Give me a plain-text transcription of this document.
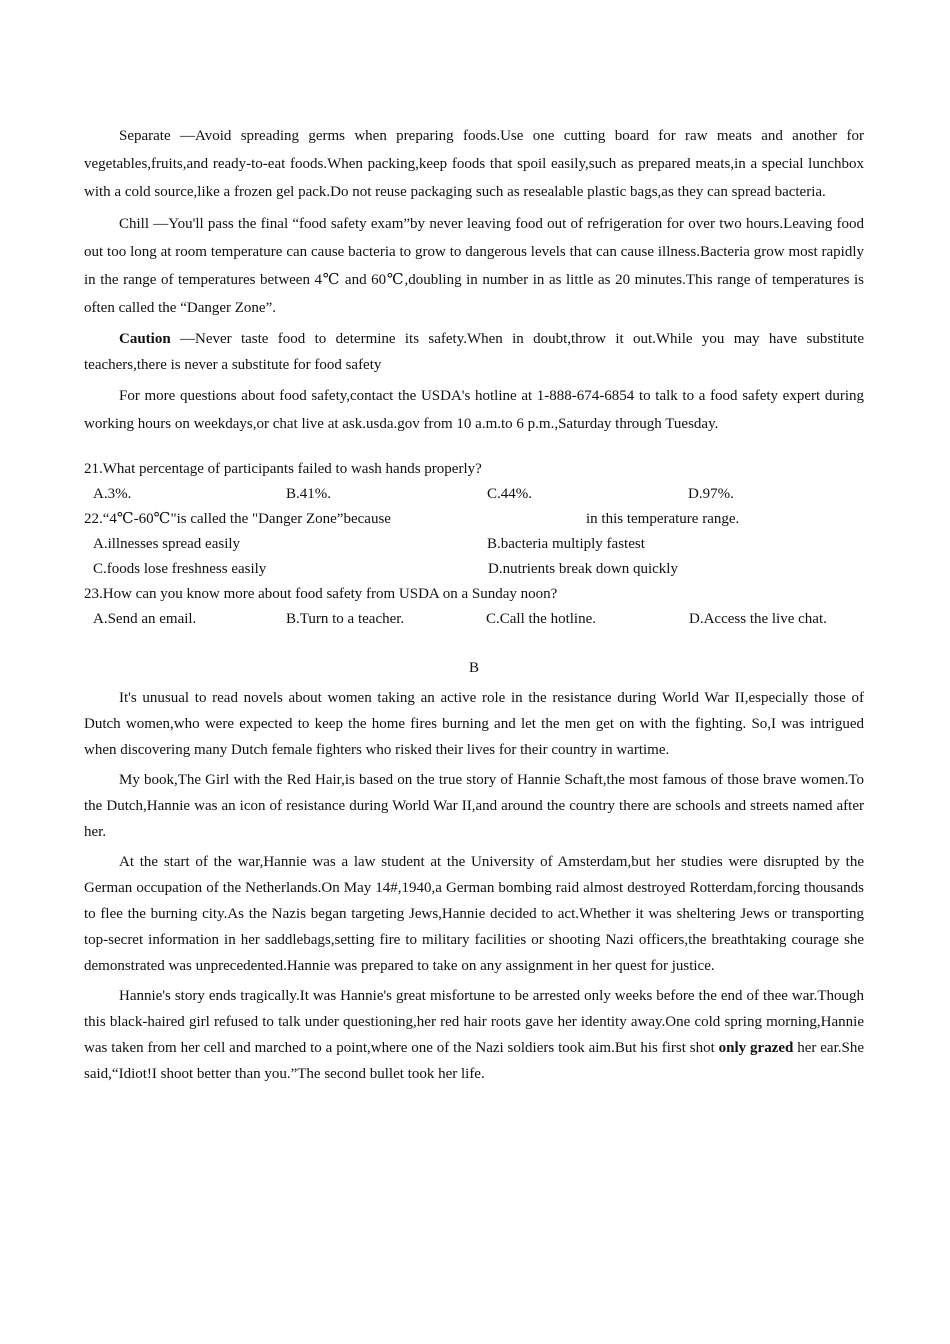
Separate —Avoid spreading germs when preparing foods.Use one cutting board for raw meats and another for vegetables,fruits,and ready-to-eat foods.When packing,keep foods that spoil easily,such as prepared meats,in a special lunchbox with a cold source,like a frozen gel pack.Do not reuse packaging such as resealable plastic bags,as they can spread bacteria.

Chill —You'll pass the final “food safety exam”by never leaving food out of refrigeration for over two hours.Leaving food out too long at room temperature can cause bacteria to grow to dangerous levels that can cause illness.Bacteria grow most rapidly in the range of temperatures between 4℃ and 60℃,doubling in number in as little as 20 minutes.This range of temperatures is often called the “Danger Zone”.

Caution —Never taste food to determine its safety.When in doubt,throw it out.While you may have substitute teachers,there is never a substitute for food safety

For more questions about food safety,contact the USDA's hotline at 1-888-674-6854 to talk to a food safety expert during working hours on weekdays,or chat live at ask.usda.gov from 10 a.m.to 6 p.m.,Saturday through Tuesday.

21.What percentage of participants failed to wash hands properly?

A.3%.	B.41%.	C.44%.	D.97%.
22.“4℃-60℃"is called the "Danger Zone”because	in this temperature range.
A.illnesses spread easily	B.bacteria multiply fastest
C.foods lose freshness easily	D.nutrients break down quickly

23.How can you know more about food safety from USDA on a Sunday noon?

A.Send an email.	B.Turn to a teacher.	C.Call the hotline.	D.Access the live chat.

B

It's unusual to read novels about women taking an active role in the resistance during World War II,especially those of Dutch women,who were expected to keep the home fires burning and let the men get on with the fighting. So,I was intrigued when discovering many Dutch female fighters who risked their lives for their country in wartime.

My book,The Girl with the Red Hair,is based on the true story of Hannie Schaft,the most famous of those brave women.To the Dutch,Hannie was an icon of resistance during World War II,and around the country there are schools and streets named after her.

At the start of the war,Hannie was a law student at the University of Amsterdam,but her studies were disrupted by the German occupation of the Netherlands.On May 14#,1940,a German bombing raid almost destroyed Rotterdam,forcing thousands to flee the burning city.As the Nazis began targeting Jews,Hannie decided to act.Whether it was sheltering Jews or transporting top-secret information in her saddlebags,setting fire to military facilities or shooting Nazi officers,the breathtaking courage she demonstrated was unprecedented.Hannie was prepared to take on any assignment in her quest for justice.

Hannie's story ends tragically.It was Hannie's great misfortune to be arrested only weeks before the end of thee war.Though this black-haired girl refused to talk under questioning,her red hair roots gave her identity away.One cold spring morning,Hannie was taken from her cell and marched to a point,where one of the Nazi soldiers took aim.But his first shot only grazed her ear.She said,“Idiot!I shoot better than you.”The second bullet took her life.
